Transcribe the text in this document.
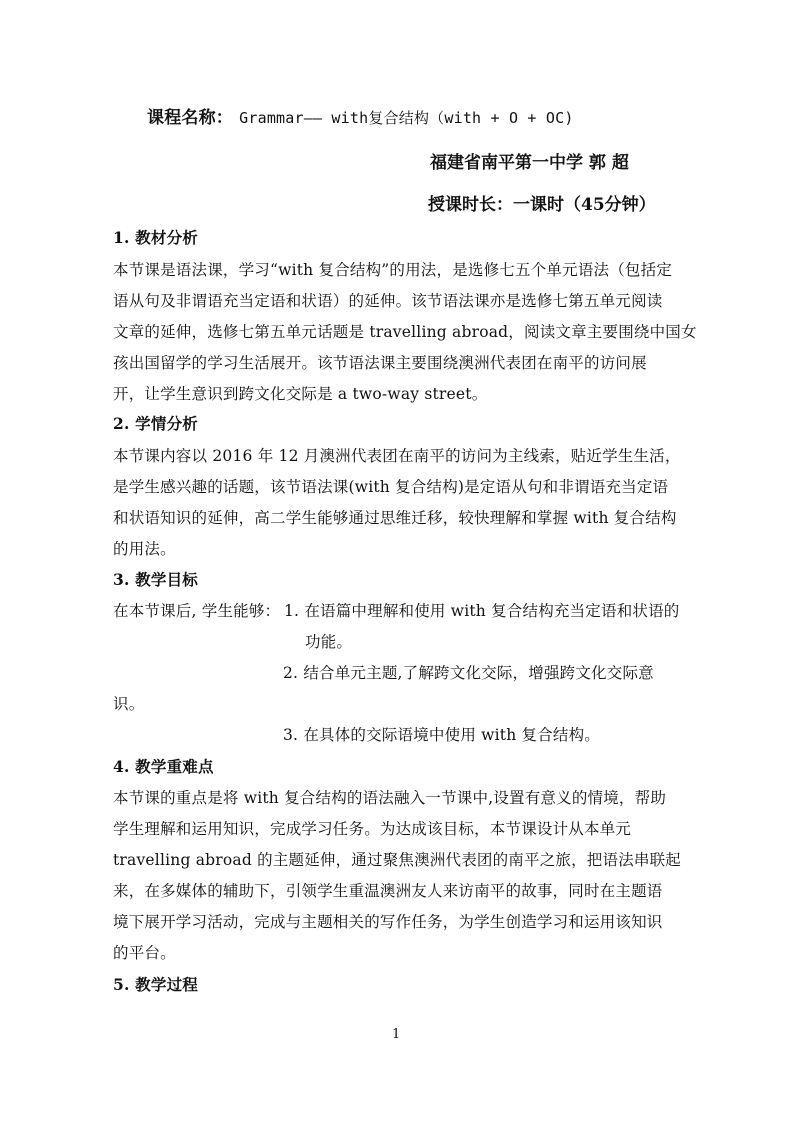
课程名称： Grammar—— with复合结构（with + O + OC)
福建省南平第一中学 郭 超
授课时长：一课时（45分钟）
1. 教材分析
本节课是语法课，学习“with 复合结构”的用法，是选修七五个单元语法（包括定
语从句及非谓语充当定语和状语）的延伸。该节语法课亦是选修七第五单元阅读
文章的延伸，选修七第五单元话题是 travelling abroad，阅读文章主要围绕中国女
孩出国留学的学习生活展开。该节语法课主要围绕澳洲代表团在南平的访问展
开，让学生意识到跨文化交际是 a two-way street。
2. 学情分析
本节课内容以 2016 年 12 月澳洲代表团在南平的访问为主线索，贴近学生生活，
是学生感兴趣的话题，该节语法课(with 复合结构)是定语从句和非谓语充当定语
和状语知识的延伸，高二学生能够通过思维迁移，较快理解和掌握 with 复合结构
的用法。
3. 教学目标
在本节课后, 学生能够： 1. 在语篇中理解和使用 with 复合结构充当定语和状语的
功能。
2. 结合单元主题,了解跨文化交际，增强跨文化交际意
识。
3. 在具体的交际语境中使用 with 复合结构。
4. 教学重难点
本节课的重点是将 with 复合结构的语法融入一节课中,设置有意义的情境，帮助
学生理解和运用知识，完成学习任务。为达成该目标，本节课设计从本单元
travelling abroad 的主题延伸，通过聚焦澳洲代表团的南平之旅，把语法串联起
来，在多媒体的辅助下，引领学生重温澳洲友人来访南平的故事，同时在主题语
境下展开学习活动，完成与主题相关的写作任务，为学生创造学习和运用该知识
的平台。
5. 教学过程
1
